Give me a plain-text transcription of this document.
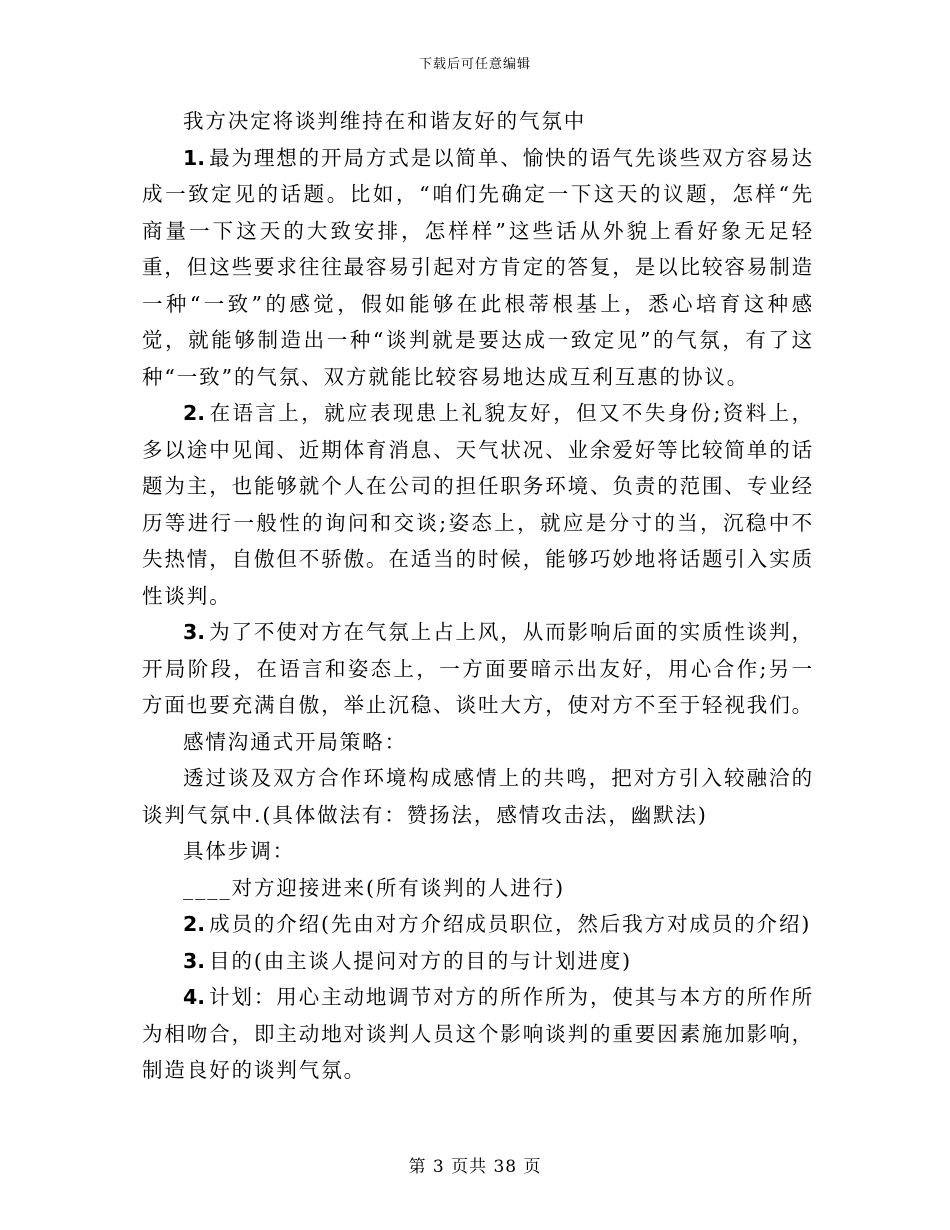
下载后可任意编辑

我方决定将谈判维持在和谐友好的气氛中

1. 最为理想的开局方式是以简单、愉快的语气先谈些双方容易达成一致定见的话题。比如，“咱们先确定一下这天的议题，怎样“先商量一下这天的大致安排，怎样样”这些话从外貌上看好象无足轻重，但这些要求往往最容易引起对方肯定的答复，是以比较容易制造一种“一致”的感觉，假如能够在此根蒂根基上，悉心培育这种感觉，就能够制造出一种“谈判就是要达成一致定见”的气氛，有了这种“一致”的气氛、双方就能比较容易地达成互利互惠的协议。

2. 在语言上，就应表现患上礼貌友好，但又不失身份;资料上，多以途中见闻、近期体育消息、天气状况、业余爱好等比较简单的话题为主，也能够就个人在公司的担任职务环境、负责的范围、专业经历等进行一般性的询问和交谈;姿态上，就应是分寸的当，沉稳中不失热情，自傲但不骄傲。在适当的时候，能够巧妙地将话题引入实质性谈判。

3. 为了不使对方在气氛上占上风，从而影响后面的实质性谈判，开局阶段，在语言和姿态上，一方面要暗示出友好，用心合作;另一方面也要充满自傲，举止沉稳、谈吐大方，使对方不至于轻视我们。

感情沟通式开局策略：

透过谈及双方合作环境构成感情上的共鸣，把对方引入较融洽的谈判气氛中.(具体做法有：赞扬法，感情攻击法，幽默法)

具体步调：

____对方迎接进来(所有谈判的人进行)

2. 成员的介绍(先由对方介绍成员职位，然后我方对成员的介绍)

3. 目的(由主谈人提问对方的目的与计划进度)

4. 计划：用心主动地调节对方的所作所为，使其与本方的所作所为相吻合，即主动地对谈判人员这个影响谈判的重要因素施加影响，制造良好的谈判气氛。

第 3 页共 38 页
